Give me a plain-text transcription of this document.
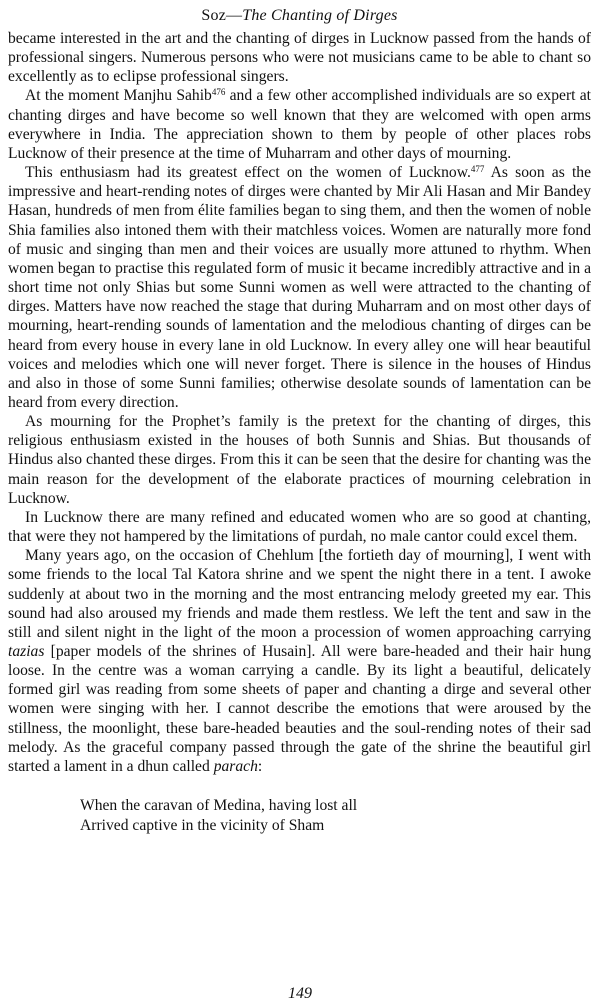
Soz—The Chanting of Dirges

became interested in the art and the chanting of dirges in Lucknow passed from the hands of professional singers. Numerous persons who were not musicians came to be able to chant so excellently as to eclipse professional singers.

At the moment Manjhu Sahib$^{476}$ and a few other accomplished individuals are so expert at chanting dirges and have become so well known that they are welcomed with open arms everywhere in India. The appreciation shown to them by people of other places robs Lucknow of their presence at the time of Muharram and other days of mourning.

This enthusiasm had its greatest effect on the women of Lucknow.$^{477}$ As soon as the impressive and heart-rending notes of dirges were chanted by Mir Ali Hasan and Mir Bandey Hasan, hundreds of men from élite families began to sing them, and then the women of noble Shia families also intoned them with their matchless voices. Women are naturally more fond of music and singing than men and their voices are usually more attuned to rhythm. When women began to practise this regulated form of music it became incredibly attractive and in a short time not only Shias but some Sunni women as well were attracted to the chanting of dirges. Matters have now reached the stage that during Muharram and on most other days of mourning, heart-rending sounds of lamentation and the melodious chanting of dirges can be heard from every house in every lane in old Lucknow. In every alley one will hear beautiful voices and melodies which one will never forget. There is silence in the houses of Hindus and also in those of some Sunni families; otherwise desolate sounds of lamentation can be heard from every direction.

As mourning for the Prophet’s family is the pretext for the chanting of dirges, this religious enthusiasm existed in the houses of both Sunnis and Shias. But thousands of Hindus also chanted these dirges. From this it can be seen that the desire for chanting was the main reason for the development of the elaborate practices of mourning celebration in Lucknow.

In Lucknow there are many refined and educated women who are so good at chanting, that were they not hampered by the limitations of purdah, no male cantor could excel them.

Many years ago, on the occasion of Chehlum [the fortieth day of mourning], I went with some friends to the local Tal Katora shrine and we spent the night there in a tent. I awoke suddenly at about two in the morning and the most entrancing melody greeted my ear. This sound had also aroused my friends and made them restless. We left the tent and saw in the still and silent night in the light of the moon a procession of women approaching carrying tazias [paper models of the shrines of Husain]. All were bare-headed and their hair hung loose. In the centre was a woman carrying a candle. By its light a beautiful, delicately formed girl was reading from some sheets of paper and chanting a dirge and several other women were singing with her. I cannot describe the emotions that were aroused by the stillness, the moonlight, these bare-headed beauties and the soul-rending notes of their sad melody. As the graceful company passed through the gate of the shrine the beautiful girl started a lament in a dhun called parach:

When the caravan of Medina, having lost all
Arrived captive in the vicinity of Sham
149
